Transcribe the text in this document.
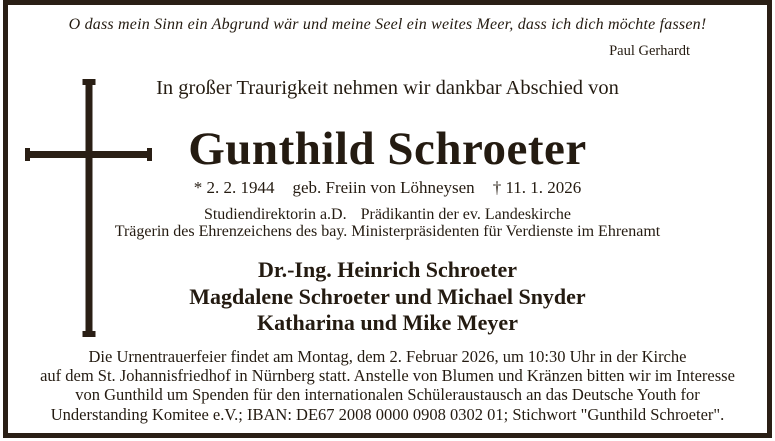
O dass mein Sinn ein Abgrund wär und meine Seel ein weites Meer, dass ich dich möchte fassen!
Paul Gerhardt
In großer Traurigkeit nehmen wir dankbar Abschied von
Gunthild Schroeter
* 2. 2. 1944 geb. Freiin von Löhneysen † 11. 1. 2026
Studiendirektorin a.D. Prädikantin der ev. Landeskirche
Trägerin des Ehrenzeichens des bay. Ministerpräsidenten für Verdienste im Ehrenamt
Dr.-Ing. Heinrich Schroeter
Magdalene Schroeter und Michael Snyder
Katharina und Mike Meyer
Die Urnentrauerfeier findet am Montag, dem 2. Februar 2026, um 10:30 Uhr in der Kirche
auf dem St. Johannisfriedhof in Nürnberg statt. Anstelle von Blumen und Kränzen bitten wir im Interesse
von Gunthild um Spenden für den internationalen Schüleraustausch an das Deutsche Youth for
Understanding Komitee e.V.; IBAN: DE67 2008 0000 0908 0302 01; Stichwort "Gunthild Schroeter".
